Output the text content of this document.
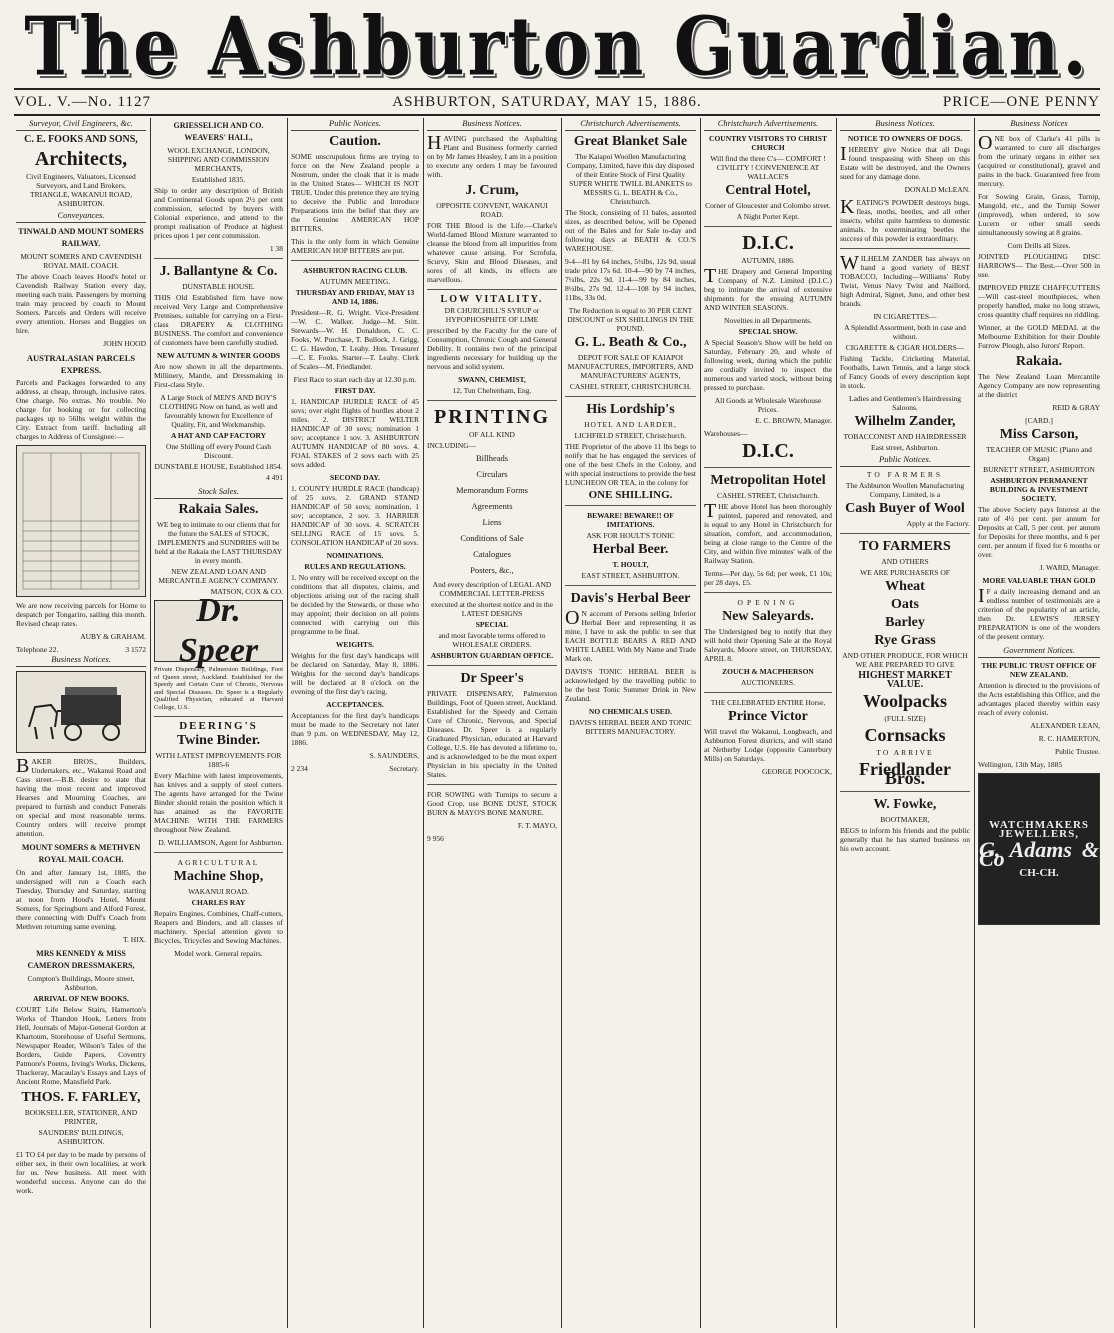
The Ashburton Guardian.
VOL. V.—No. 1127	ASHBURTON, SATURDAY, MAY 15, 1886.	PRICE—ONE PENNY
Surveyor, Civil Engineers, &c.
C. E. FOOKS AND SONS,
Architects,

Civil Engineers, Valuators, Licensed Surveyors, and Land Brokers, TRIANGLE, WAKANUI ROAD, ASHBURTON.

Conveyances.
TINWALD AND MOUNT SOMERS RAILWAY.
MOUNT SOMERS AND CAVENDISH ROYAL MAIL COACH.

The above Coach leaves Hood's hotel or Cavendish Railway Station every day, meeting each train. Passengers by morning train may proceed by coach to Mount Somers. Parcels and Orders will receive every attention. Horses and Buggies on hire.

JOHN HOOD
AUSTRALASIAN PARCELS EXPRESS.

Parcels and Packages forwarded to any address, at cheap, through, inclusive rates. One charge. No extras. No trouble. No charge for booking or for collecting packages up to 56lbs weight within the City. Extract from tariff. Including all charges to Address of Consignee:—

We are now receiving parcels for Home to despatch per Tongariro, sailing this month. Revised cheap rates.

AUBY & GRAHAM.
Telephone 22.	3 1572
Business Notices.

BAKER BROS., Builders, Undertakers, etc., Wakanui Road and Cass street.—B.B. desire to state that having the most recent and improved Hearses and Mourning Coaches, are prepared to furnish and conduct Funerals on special and most reasonable terms. Country orders will receive prompt attention.

MOUNT SOMERS & METHVEN ROYAL MAIL COACH.

On and after January 1st, 1885, the undersigned will run a Coach each Tuesday, Thursday and Saturday, starting at noon from Hood's Hotel, Mount Somers, for Springburn and Alford Forest, there connecting with Duff's Coach from Methven returning same evening.

T. HIX.
MRS KENNEDY & MISS CAMERON DRESSMAKERS,

Compton's Buildings, Moore street, Ashburton.

ARRIVAL OF NEW BOOKS.

COURT Life Below Stairs, Hamerton's Works of Thandon Hook, Letters from Hell, Journals of Major-General Gordon at Khartoum, Storehouse of Useful Sermons, Newspaper Reader, Wilson's Tales of the Borders, Guide Papers, Coventry Patmore's Poems, Irving's Works, Dickens, Thackeray, Macaulay's Essays and Lays of Ancient Rome, Mansfield Park.

THOS. F. FARLEY,
BOOKSELLER, STATIONER, AND PRINTER,
SAUNDERS' BUILDINGS, ASHBURTON.

£1 TO £4 per day to be made by persons of either sex, in their own localities, at work for us. New business. All meet with wonderful success. Anyone can do the work.

GRIESSELICH AND CO. WEAVERS' HALL,
WOOL EXCHANGE, LONDON, SHIPPING AND COMMISSION MERCHANTS,
Established 1835.

Ship to order any description of British and Continental Goods upon 2½ per cent commission, selected by buyers with Colonial experience, and attend to the prompt realisation of Produce at highest prices upon 1 per cent commission.

1 38
J. Ballantyne & Co.
DUNSTABLE HOUSE.

THIS Old Established firm have now received Very Large and Comprehensive Premises, suitable for carrying on a First-class DRAPERY & CLOTHING BUSINESS. The comfort and convenience of customers have been carefully studied.

NEW AUTUMN & WINTER GOODS

Are now shown in all the departments. Millinery, Mantle, and Dressmaking in First-class Style.

A Large Stock of MEN'S AND BOY'S CLOTHING Now on hand, as well and favourably known for Excellence of Quality, Fit, and Workmanship.

A HAT AND CAP FACTORY
One Shilling off every Pound Cash Discount.
DUNSTABLE HOUSE, Established 1854.
4 491
Stock Sales.
Rakaia Sales.

WE beg to intimate to our clients that for the future the SALES of STOCK, IMPLEMENTS and SUNDRIES will be held at the Rakaia the LAST THURSDAY in every month.

NEW ZEALAND LOAN AND MERCANTILE AGENCY COMPANY.
MATSON, COX & CO.
Dr. Speer

Private Dispensary, Palmerston Buildings, Foot of Queen street, Auckland. Established for the Speedy and Certain Cure of Chronic, Nervous and Special Diseases. Dr. Speer is a Regularly Qualified Physician, educated at Harvard College, U.S.

DEERING'S
Twine Binder.
WITH LATEST IMPROVEMENTS FOR 1885-6

Every Machine with latest improvements, has knives and a supply of steel cutters. The agents have arranged for the Twine Binder should retain the position which it has attained as the FAVORITE MACHINE WITH THE FARMERS throughout New Zealand.

D. WILLIAMSON, Agent for Ashburton.
AGRICULTURAL
Machine Shop,
WAKANUI ROAD.
CHARLES RAY

Repairs Engines, Combines, Chaff-cutters, Reapers and Binders, and all classes of machinery. Special attention given to Bicycles, Tricycles and Sewing Machines.

Model work. General repairs.
Public Notices.
Caution.

SOME unscrupulous firms are trying to force on the New Zealand people a Nostrum, under the cloak that it is made in the United States— WHICH IS NOT TRUE. Under this pretence they are trying to deceive the Public and Introduce Preparations into the belief that they are the Genuine AMERICAN HOP BITTERS.

This is the only form in which Genuine AMERICAN HOP BITTERS are put.

ASHBURTON RACING CLUB.
AUTUMN MEETING.
THURSDAY AND FRIDAY, MAY 13 AND 14, 1886.

President—R. G. Wright. Vice-President—W. C. Walker. Judge—M. Stitt. Stewards—W. H. Donaldson, C. C. Fooks, W. Purchase, T. Bullock, J. Grigg, C. G. Hawdon, T. Leahy. Hon. Treasurer—C. E. Fooks. Starter—T. Leahy. Clerk of Scales—M. Friedlander.

First Race to start each day at 12.30 p.m.
FIRST DAY.

1. HANDICAP HURDLE RACE of 45 sovs; over eight flights of hurdles about 2 miles. 2. DISTRICT WELTER HANDICAP of 30 sovs; nomination 1 sov; acceptance 1 sov. 3. ASHBURTON AUTUMN HANDICAP of 80 sovs. 4. FOAL STAKES of 2 sovs each with 25 sovs added.

SECOND DAY.

1. COUNTY HURDLE RACE (handicap) of 25 sovs. 2. GRAND STAND HANDICAP of 50 sovs; nomination, 1 sov; acceptance, 2 sov. 3. HARRIER HANDICAP of 30 sovs. 4. SCRATCH SELLING RACE of 15 sovs. 5. CONSOLATION HANDICAP of 20 sovs.

NOMINATIONS.
RULES AND REGULATIONS.

1. No entry will be received except on the conditions that all disputes, claims, and objections arising out of the racing shall be decided by the Stewards, or those who may appoint; their decision on all points connected with carrying out this programme to be final.

WEIGHTS.

Weights for the first day's handicaps will be declared on Saturday, May 8, 1886. Weights for the second day's handicaps will be declared at 8 o'clock on the evening of the first day's racing.

ACCEPTANCES.

Acceptances for the first day's handicaps must be made to the Secretary not later than 9 p.m. on WEDNESDAY, May 12, 1886.

S. SAUNDERS,
2 234	Secretary.
Business Notices.

HAVING purchased the Asphalting Plant and Business formerly carried on by Mr James Heasley, I am in a position to execute any orders I may be favoured with.

J. Crum,
OPPOSITE CONVENT, WAKANUI ROAD.

FOR THE Blood is the Life.—Clarke's World-famed Blood Mixture warranted to cleanse the blood from all impurities from whatever cause arising. For Scrofula, Scurvy, Skin and Blood Diseases, and sores of all kinds, its effects are marvellous.

LOW VITALITY.
DR CHURCHILL'S SYRUP or HYPOPHOSPHITE OF LIME

prescribed by the Faculty for the cure of Consumption, Chronic Cough and General Debility. It contains two of the principal ingredients necessary for building up the nervous and solid system.

SWANN, CHEMIST,
12, Tun Cheltenham, Eng.
PRINTING
OF ALL KIND
INCLUDING—
Billheads
Circulars
Memorandum Forms
Agreements
Liens
Conditions of Sale
Catalogues
Posters, &c.,

And every description of LEGAL AND COMMERCIAL LETTER-PRESS

executed at the shortest notice and in the LATEST DESIGNS

SPECIAL

and most favorable terms offered to WHOLESALE ORDERS.

ASHBURTON GUARDIAN OFFICE.
Dr Speer's

PRIVATE DISPENSARY, Palmerston Buildings, Foot of Queen street, Auckland. Established for the Speedy and Certain Cure of Chronic, Nervous, and Special Diseases. Dr. Speer is a regularly Graduated Physician, educated at Harvard College, U.S. He has devoted a lifetime to, and is acknowledged to be the most expert Physician in his specialty in the United States.

FOR SOWING with Turnips to secure a Good Crop, use BONE DUST, STOCK BURN & MAYO'S BONE MANURE.

F. T. MAYO,
9 956
Christchurch Advertisements.
Great Blanket Sale

The Kaiapoi Woollen Manufacturing Company, Limited, have this day disposed of their Entire Stock of First Quality SUPER WHITE TWILL BLANKETS to MESSRS G. L. BEATH & Co., Christchurch.

The Stock, consisting of 11 bales, assorted sizes, as described below, will be Opened out of the Bales and for Sale to-day and following days at BEATH & CO.'S WAREHOUSE.

9-4—81 by 64 inches, 5½lbs, 12s 9d, usual trade price 17s 6d. 10-4—90 by 74 inches, 7¼lbs, 22s 9d. 11-4—99 by 84 inches, 8½lbs, 27s 9d. 12-4—108 by 94 inches, 11lbs, 33s 0d.

The Reduction is equal to 30 PER CENT DISCOUNT or SIX SHILLINGS IN THE POUND.

G. L. Beath & Co.,
DEPOT FOR SALE OF KAIAPOI MANUFACTURES, IMPORTERS, AND MANUFACTURERS' AGENTS,
CASHEL STREET, CHRISTCHURCH.
His Lordship's
HOTEL AND LARDER,
LICHFIELD STREET, Christchurch.

THE Proprietor of the above 11 lbs begs to notify that he has engaged the services of one of the best Chefs in the Colony, and with special instructions to provide the best LUNCHEON OR TEA, in the colony for

ONE SHILLING.
BEWARE! BEWARE!! OF IMITATIONS.
ASK FOR HOULT'S TONIC
Herbal Beer.
T. HOULT,
EAST STREET, ASHBURTON.
Davis's Herbal Beer

ON account of Persons selling Inferior Herbal Beer and representing it as mine, I have to ask the public to see that EACH BOTTLE BEARS A RED AND WHITE LABEL With My Name and Trade Mark on.

DAVIS'S TONIC HERBAL BEER is acknowledged by the travelling public to be the best Tonic Summer Drink in New Zealand.

NO CHEMICALS USED.
DAVIS'S HERBAL BEER AND TONIC BITTERS MANUFACTORY.
Christchurch Advertisements.
COUNTRY VISITORS TO CHRIST CHURCH

Will find the three C's— COMFORT ! CIVILITY ! CONVENIENCE AT WALLACE'S

Central Hotel,
Corner of Gloucester and Colombo street.
A Night Porter Kept.
D.I.C.
AUTUMN, 1886.

THE Drapery and General Importing Company of N.Z. Limited (D.I.C.) beg to intimate the arrival of extensive shipments for the ensuing AUTUMN AND WINTER SEASONS.

Novelties in all Departments.
SPECIAL SHOW.

A Special Season's Show will be held on Saturday, February 20, and whole of following week, during which the public are cordially invited to inspect the numerous and varied stock, without being pressed to purchase.

All Goods at Wholesale Warehouse Prices.
E. C. BROWN, Manager.
Warehouses—
D.I.C.
Metropolitan Hotel
CASHEL STREET, Christchurch.

THE above Hotel has been thoroughly painted, papered and renovated, and is equal to any Hotel in Christchurch for situation, comfort, and accommodation, being at close range to the Centre of the City, and within five minutes' walk of the Railway Station.

Terms—Per day, 5s 6d; per week, £1 10s; per 28 days, £5.

OPENING
New Saleyards.

The Undersigned beg to notify that they will hold their Opening Sale at the Royal Saleyards, Moore street, on THURSDAY, APRIL 8.

ZOUCH & MACPHERSON
AUCTIONEERS.
THE CELEBRATED ENTIRE Horse,
Prince Victor

Will travel the Wakanui, Longbeach, and Ashburton Forest districts, and will stand at Netherby Lodge (opposite Canterbury Mills) on Saturdays.

GEORGE POOCOCK,
Business Notices.
NOTICE TO OWNERS OF DOGS.

IHEREBY give Notice that all Dogs found trespassing with Sheep on this Estate will be destroyed, and the Owners sued for any damage done.

DONALD McLEAN.

KEATING'S POWDER destroys bugs, fleas, moths, beetles, and all other insects, whilst quite harmless to domestic animals. In exterminating beetles the success of this powder is extraordinary.

WILHELM ZANDER has always on hand a good variety of BEST TOBACCO, Including—Williams' Ruby Twist, Venus Navy Twist and Naillord, high Admiral, Signet, Juno, and other best brands.

IN CIGARETTES—
A Splendid Assortment, both in case and without.
CIGARETTE & CIGAR HOLDERS—

Fishing Tackle, Cricketing Material, Footballs, Lawn Tennis, and a large stock of Fancy Goods of every description kept in stock.

Ladies and Gentlemen's Hairdressing Saloons.
Wilhelm Zander,
TOBACCONIST AND HAIRDRESSER
East street, Ashburton.
Public Notices.
TO FARMERS

The Ashburton Woollen Manufacturing Company, Limited, is a

Cash Buyer of Wool
Apply at the Factory.
TO FARMERS
AND OTHERS
WE ARE PURCHASERS OF
Wheat
Oats
Barley
Rye Grass

AND OTHER PRODUCE, FOR WHICH WE ARE PREPARED TO GIVE

HIGHEST MARKET VALUE.
Woolpacks
(FULL SIZE)
Cornsacks
TO ARRIVE
Friedlander Bros.
W. Fowke,
BOOTMAKER,

BEGS to inform his friends and the public generally that he has started business on his own account.

Business Notices

ONE box of Clarke's 41 pills is warranted to cure all discharges from the urinary organs in either sex (acquired or constitutional), gravel and pains in the back. Guaranteed free from mercury.

For Sowing Grain, Grass, Turnip, Mangold, etc., and the Turnip Sower (improved), when ordered, to sow Lucern or other small seeds simultaneously sowing at 8 grains.

Corn Drills all Sizes.

JOINTED PLOUGHING DISC HARROWS— The Best.—Over 500 in use.

IMPROVED PRIZE CHAFFCUTTERS—Will cast-steel mouthpieces, when properly handled, make no long straws, cross quantity chaff requires no riddling.

Winner, at the GOLD MEDAL at the Melbourne Exhibition for their Double Furrow Plough, also Jurors' Report.

Rakaia.

The New Zealand Loan Mercantile Agency Company are now representing at the district

REID & GRAY
[CARD.]
Miss Carson,
TEACHER OF MUSIC (Piano and Organ)
BURNETT STREET, ASHBURTON
ASHBURTON PERMANENT BUILDING & INVESTMENT SOCIETY.

The above Society pays Interest at the rate of 4½ per cent. per annum for Deposits at Call, 5 per cent. per annum for Deposits for three months, and 6 per cent. per annum if fixed for 6 months or over.

J. WARD, Manager.
MORE VALUABLE THAN GOLD

IF a daily increasing demand and an endless number of testimonials are a criterion of the popularity of an article, then Dr. LEWIS'S JERSEY PREPARATION is one of the wonders of the present century.

Government Notices.
THE PUBLIC TRUST OFFICE OF NEW ZEALAND.

Attention is directed to the provisions of the Acts establishing this Office, and the advantages placed thereby within easy reach of every colonist.

ALEXANDER LEAN,
R. C. HAMERTON,
Public Trustee.
Wellington, 13th May, 1885
WATCHMAKERS
JEWELLERS,
G. Adams & Co
CH-CH.
